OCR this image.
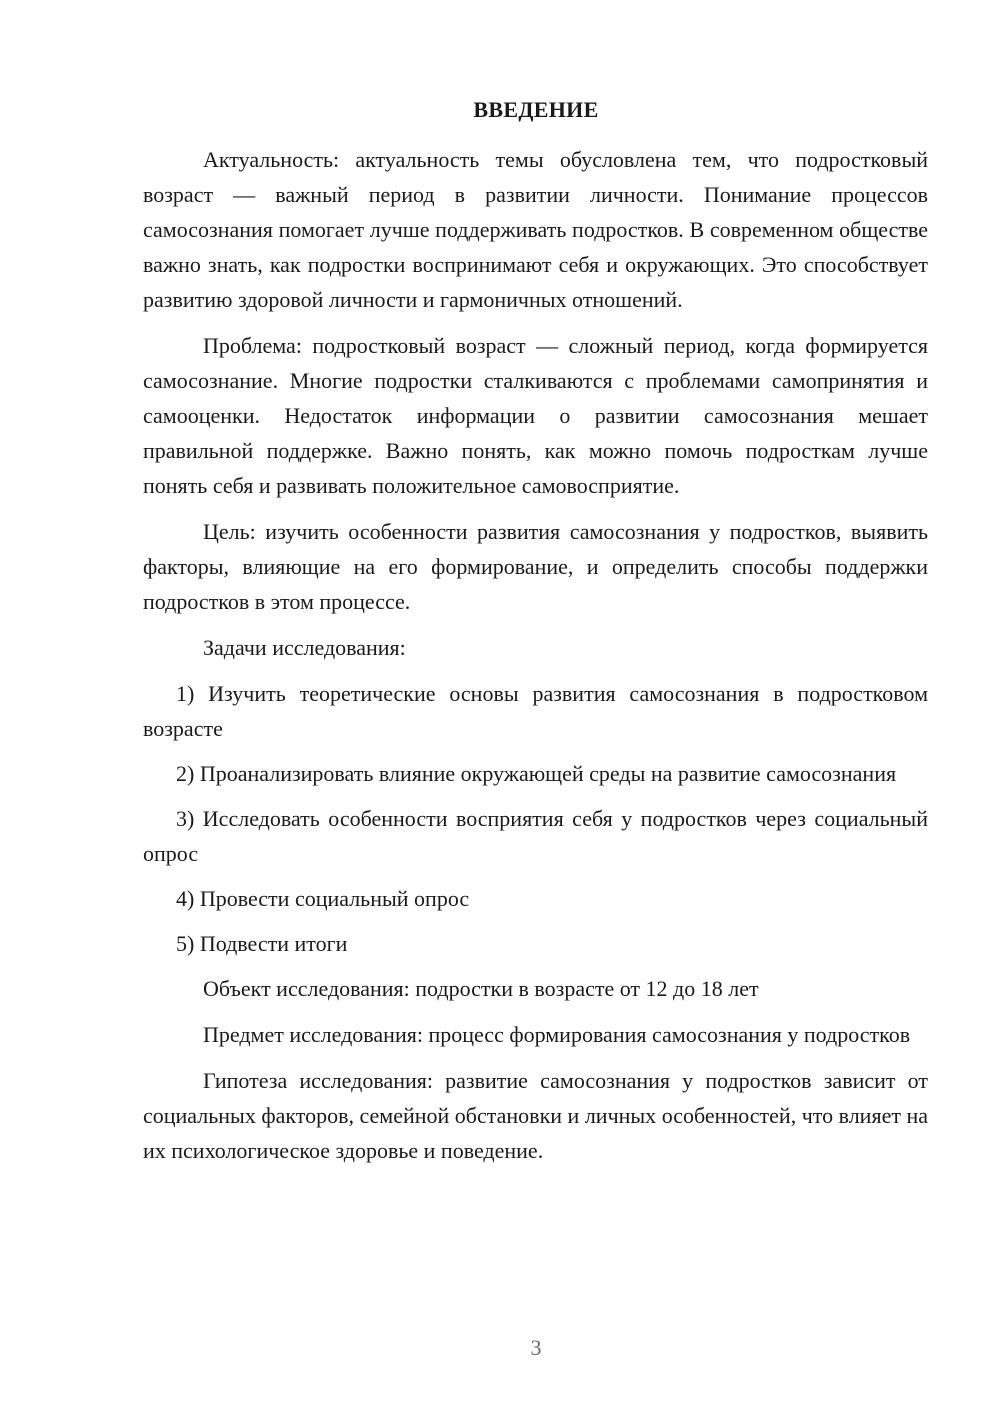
ВВЕДЕНИЕ

Актуальность: актуальность темы обусловлена тем, что подростковый возраст — важный период в развитии личности. Понимание процессов самосознания помогает лучше поддерживать подростков. В современном обществе важно знать, как подростки воспринимают себя и окружающих. Это способствует развитию здоровой личности и гармоничных отношений.

Проблема: подростковый возраст — сложный период, когда формируется самосознание. Многие подростки сталкиваются с проблемами самопринятия и самооценки. Недостаток информации о развитии самосознания мешает правильной поддержке. Важно понять, как можно помочь подросткам лучше понять себя и развивать положительное самовосприятие.

Цель: изучить особенности развития самосознания у подростков, выявить факторы, влияющие на его формирование, и определить способы поддержки подростков в этом процессе.

Задачи исследования:

1) Изучить теоретические основы развития самосознания в подростковом возрасте

2) Проанализировать влияние окружающей среды на развитие самосознания

3) Исследовать особенности восприятия себя у подростков через социальный опрос

4) Провести социальный опрос

5) Подвести итоги

Объект исследования: подростки в возрасте от 12 до 18 лет

Предмет исследования: процесс формирования самосознания у подростков

Гипотеза исследования: развитие самосознания у подростков зависит от социальных факторов, семейной обстановки и личных особенностей, что влияет на их психологическое здоровье и поведение.

3
